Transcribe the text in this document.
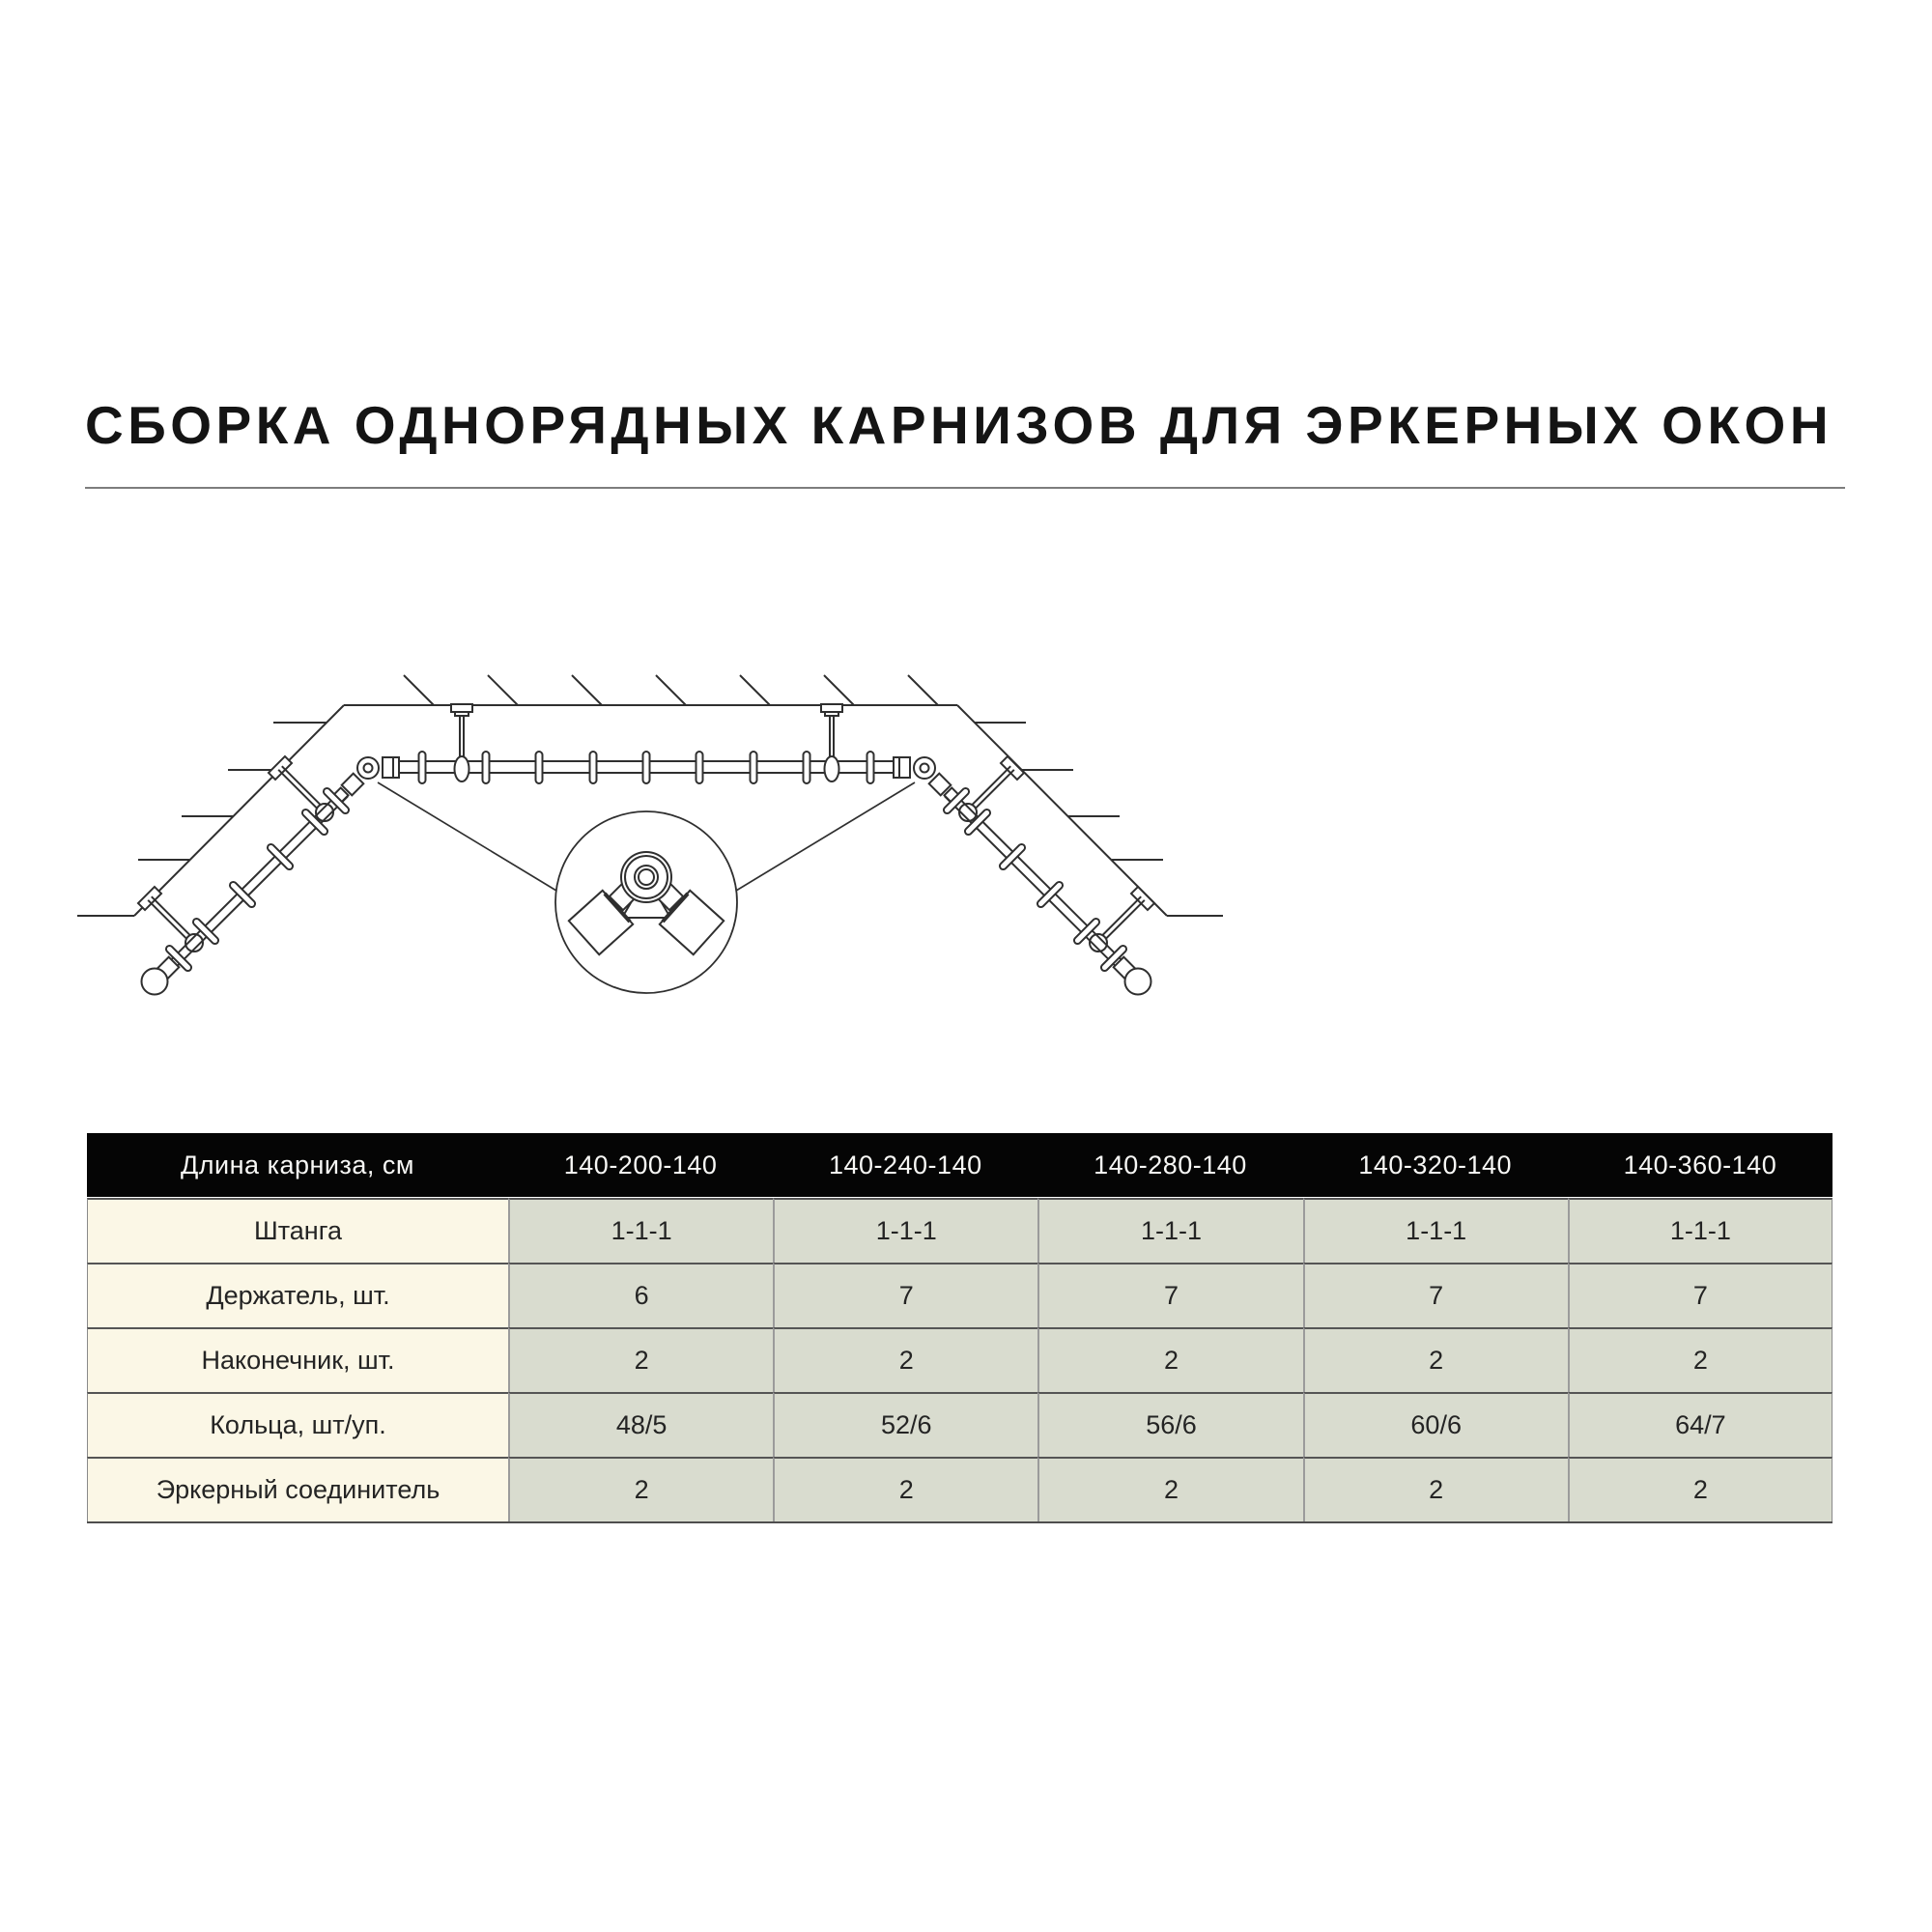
СБОРКА ОДНОРЯДНЫХ КАРНИЗОВ ДЛЯ ЭРКЕРНЫХ ОКОН
Длина карниза, см	140-200-140	140-240-140	140-280-140	140-320-140	140-360-140
Штанга	1-1-1	1-1-1	1-1-1	1-1-1	1-1-1
Держатель, шт.	6	7	7	7	7
Наконечник, шт.	2	2	2	2	2
Кольца, шт/уп.	48/5	52/6	56/6	60/6	64/7
Эркерный соединитель	2	2	2	2	2
